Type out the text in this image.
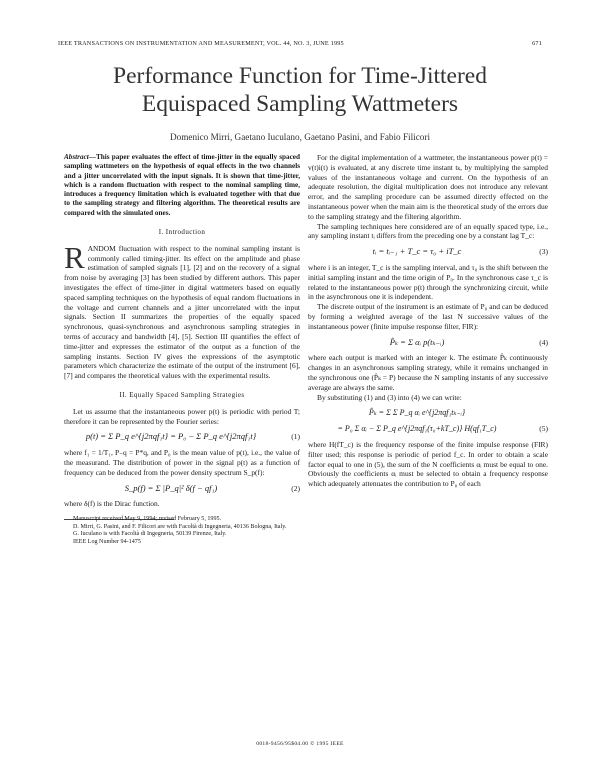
IEEE TRANSACTIONS ON INSTRUMENTATION AND MEASUREMENT, VOL. 44, NO. 3, JUNE 1995	671
Performance Function for Time-Jittered
Equispaced Sampling Wattmeters
Domenico Mirri, Gaetano Iuculano, Gaetano Pasini, and Fabio Filicori
Abstract—This paper evaluates the effect of time-jitter in the equally spaced sampling wattmeters on the hypothesis of equal effects in the two channels and a jitter uncorrelated with the input signals. It is shown that time-jitter, which is a random fluctuation with respect to the nominal sampling time, introduces a frequency limitation which is evaluated together with that due to the sampling strategy and filtering algorithm. The theoretical results are compared with the simulated ones.
I. Introduction
R ANDOM fluctuation with respect to the nominal sampling instant is commonly called timing-jitter. Its effect on the amplitude and phase estimation of sampled signals [1], [2] and on the recovery of a signal from noise by averaging [3] has been studied by different authors. This paper investigates the effect of time-jitter in digital wattmeters based on equally spaced sampling techniques on the hypothesis of equal random fluctuations in the voltage and current channels and a jitter uncorrelated with the input signals. Section II summarizes the properties of the equally spaced synchronous, quasi-synchronous and asynchronous sampling strategies in terms of accuracy and bandwidth [4], [5]. Section III quantifies the effect of time-jitter and expresses the estimator of the output as a function of the sampling instants. Section IV gives the expressions of the asymptotic parameters which characterize the estimate of the output of the instrument [6], [7] and compares the theoretical values with the experimental results.

II. Equally Spaced Sampling Strategies

Let us assume that the instantaneous power p(t) is periodic with period T; therefore it can be represented by the Fourier series:

p(t) = Σ P_q e^{j2πqf₁t} = P₀ − Σ P_q e^{j2πqf₁t}	(1)

where f₁ = 1/T₁, P₋q = P*q, and P₀ is the mean value of p(t), i.e., the value of the measurand. The distribution of power in the signal p(t) as a function of frequency can be deduced from the power density spectrum S_p(f):

S_p(f) = Σ |P_q|² δ(f − qf₁)	(2)

where δ(f) is the Dirac function.

Manuscript received May 9, 1994; revised February 5, 1995.

D. Mirri, G. Pasini, and F. Filicori are with Facoltà di Ingegneria, 40136 Bologna, Italy.

G. Iuculano is with Facoltà di Ingegneria, 50139 Firenze, Italy.

IEEE Log Number 94-1475

For the digital implementation of a wattmeter, the instantaneous power p(t) = v(t)i(t) is evaluated, at any discrete time instant tₖ, by multiplying the sampled values of the instantaneous voltage and current. On the hypothesis of an adequate resolution, the digital multiplication does not introduce any relevant error, and the sampling procedure can be assumed directly effected on the instantaneous power when the main aim is the theoretical study of the errors due to the sampling strategy and the filtering algorithm.

The sampling techniques here considered are of an equally spaced type, i.e., any sampling instant tᵢ differs from the preceding one by a constant lag T_c:

tᵢ = tᵢ₋₁ + T_c = τ₀ + iT_c	(3)

where i is an integer, T_c is the sampling interval, and τ₀ is the shift between the initial sampling instant and the time origin of P₀. In the synchronous case τ_c is related to the instantaneous power p(t) through the synchronizing circuit, while in the asynchronous one it is independent.

The discrete output of the instrument is an estimate of P₀ and can be deduced by forming a weighted average of the last N successive values of the instantaneous power (finite impulse response filter, FIR):

P̂ₖ = Σ αᵢ p(tₖ₋ᵢ)	(4)

where each output is marked with an integer k. The estimate P̂ₖ continuously changes in an asynchronous sampling strategy, while it remains unchanged in the synchronous one (P̂ₖ = P) because the N sampling instants of any successive average are always the same.

By substituting (1) and (3) into (4) we can write:

P̂ₖ = Σ Σ P_q αᵢ e^{j2πqf₁tₖ₋ᵢ}
= P₀ Σ αᵢ − Σ P_q e^{j2πqf₁(τ₀+kT_c)} H(qf₁T_c)	(5)

where H(fT_c) is the frequency response of the finite impulse response (FIR) filter used; this response is periodic of period f_c. In order to obtain a scale factor equal to one in (5), the sum of the N coefficients αᵢ must be equal to one. Obviously the coefficients αᵢ must be selected to obtain a frequency response which adequately attenuates the contribution to P₀ of each

0018-9456/95$04.00 © 1995 IEEE
